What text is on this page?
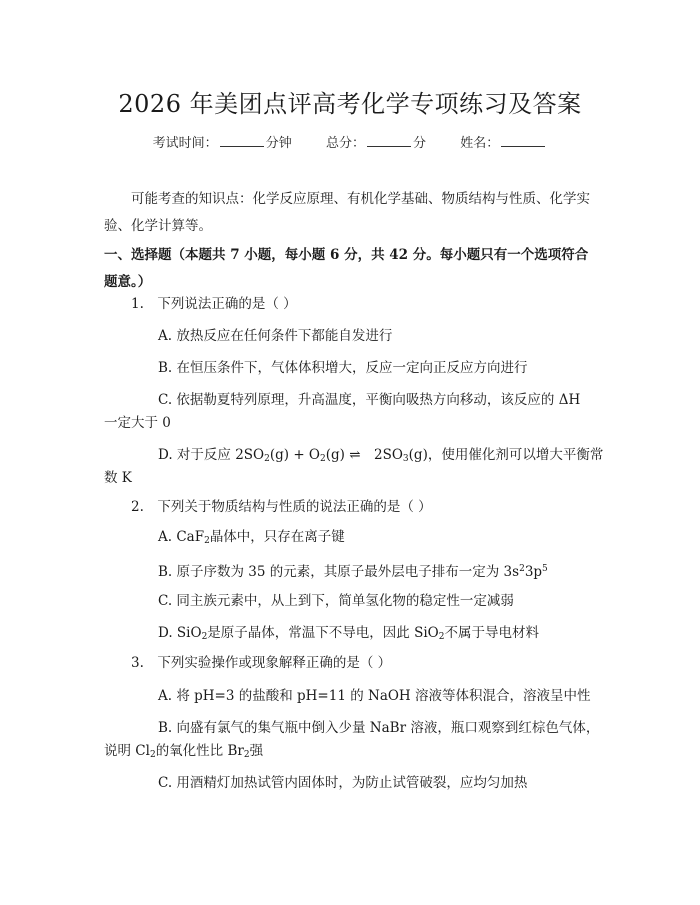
2026 年美团点评高考化学专项练习及答案
考试时间：	分钟	总分：	分	姓名：
可能考查的知识点：化学反应原理、有机化学基础、物质结构与性质、化学实验、化学计算等。
一、选择题（本题共 7 小题，每小题 6 分，共 42 分。每小题只有一个选项符合题意。）
1.　下列说法正确的是（ ）
A. 放热反应在任何条件下都能自发进行
B. 在恒压条件下，气体体积增大，反应一定向正反应方向进行
C. 依据勒夏特列原理，升高温度，平衡向吸热方向移动，该反应的 ΔH
一定大于 0
D. 对于反应 $2SO_2(g) + O_2(g)$ ⇌　$2SO_3(g)$，使用催化剂可以增大平衡常
数 K
2.　下列关于物质结构与性质的说法正确的是（ ）
A. CaF$_2$晶体中，只存在离子键
B. 原子序数为 35 的元素，其原子最外层电子排布一定为 $3s^23p^5$
C. 同主族元素中，从上到下，简单氢化物的稳定性一定减弱
D. SiO$_2$是原子晶体，常温下不导电，因此 SiO$_2$不属于导电材料
3.　下列实验操作或现象解释正确的是（ ）
A. 将 pH=3 的盐酸和 pH=11 的 NaOH 溶液等体积混合，溶液呈中性
B. 向盛有氯气的集气瓶中倒入少量 NaBr 溶液，瓶口观察到红棕色气体，
说明 $Cl_2$的氧化性比 $Br_2$强
C. 用酒精灯加热试管内固体时，为防止试管破裂，应均匀加热
